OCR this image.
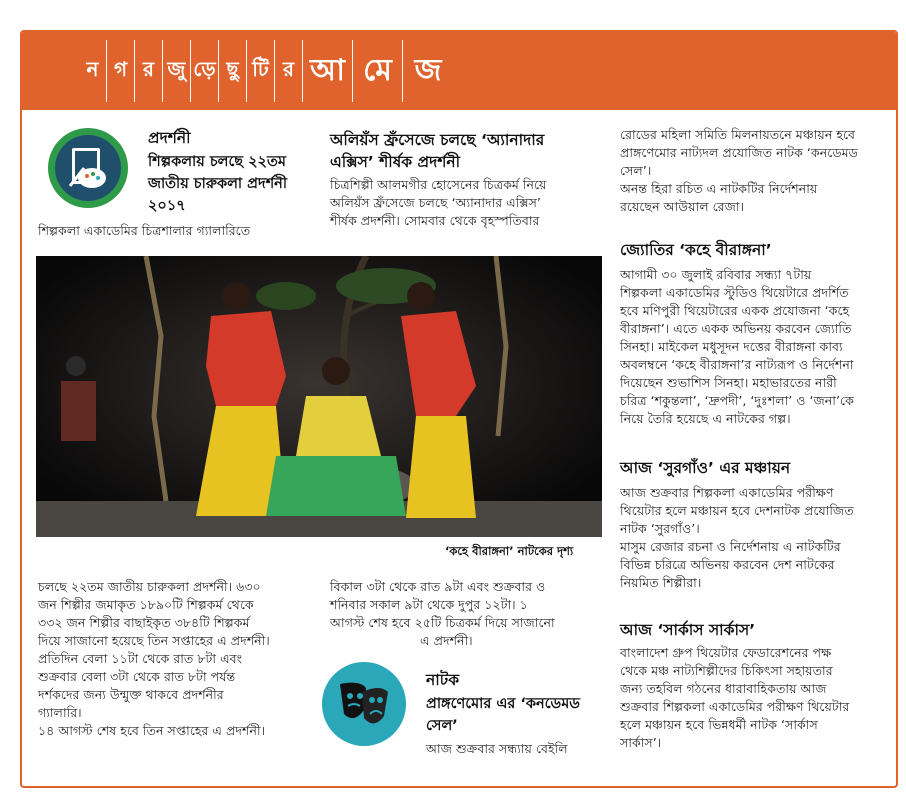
ন গ র জু ড়ে ছু টি র আ মে জ
প্রদর্শনী
শিল্পকলায় চলছে ২২তম
জাতীয় চারুকলা প্রদর্শনী
২০১৭
শিল্পকলা একাডেমির চিত্রশালার গ্যালারিতে
অলিয়ঁস ফ্রঁসেজে চলছে ‘অ্যানাদার
এক্সিস’ শীর্ষক প্রদর্শনী
চিত্রশিল্পী আলমগীর হোসেনের চিত্রকর্ম নিয়ে
অলিয়ঁস ফ্রঁসেজে চলছে ‘অ্যানাদার এক্সিস’
শীর্ষক প্রদর্শনী। সোমবার থেকে বৃহস্পতিবার
‘কহে বীরাঙ্গনা’ নাটকের দৃশ্য
চলছে ২২তম জাতীয় চারুকলা প্রদর্শনী। ৬৩০
জন শিল্পীর জমাকৃত ১৮৯০টি শিল্পকর্ম থেকে
৩৩২ জন শিল্পীর বাছাইকৃত ৩৮৪টি শিল্পকর্ম
দিয়ে সাজানো হয়েছে তিন সপ্তাহের এ প্রদর্শনী।
প্রতিদিন বেলা ১১টা থেকে রাত ৮টা এবং
শুক্রবার বেলা ৩টা থেকে রাত ৮টা পর্যন্ত
দর্শকদের জন্য উন্মুক্ত থাকবে প্রদর্শনীর
গ্যালারি।
১৪ আগস্ট শেষ হবে তিন সপ্তাহের এ প্রদর্শনী।
বিকাল ৩টা থেকে রাত ৯টা এবং শুক্রবার ও
শনিবার সকাল ৯টা থেকে দুপুর ১২টা। ১
আগস্ট শেষ হবে ২৫টি চিত্রকর্ম দিয়ে সাজানো
এ প্রদর্শনী।
নাটক
প্রাঙ্গণেমোর এর ‘কনডেমড
সেল’
আজ শুক্রবার সন্ধ্যায় বেইলি
রোডের মহিলা সমিতি মিলনায়তনে মঞ্চায়ন হবে
প্রাঙ্গণেমোর নাট্যদল প্রযোজিত নাটক ‘কনডেমড
সেল’।
অনন্ত হিরা রচিত এ নাটকটির নির্দেশনায়
রয়েছেন আউয়াল রেজা।
জ্যোতির ‘কহে বীরাঙ্গনা’
আগামী ৩০ জুলাই রবিবার সন্ধ্যা ৭টায়
শিল্পকলা একাডেমির স্টুডিও থিয়েটারে প্রদর্শিত
হবে মণিপুরী থিয়েটারের একক প্রযোজনা ‘কহে
বীরাঙ্গনা’। এতে একক অভিনয় করবেন জ্যোতি
সিনহা। মাইকেল মধুসূদন দত্তের বীরাঙ্গনা কাব্য
অবলম্বনে ‘কহে বীরাঙ্গনা’র নাট্যরূপ ও নির্দেশনা
দিয়েছেন শুভাশিস সিনহা। মহাভারতের নারী
চরিত্র ‘শকুন্তলা’, ‘দ্রুপদী’, ‘দুঃশলা’ ও ‘জনা’কে
নিয়ে তৈরি হয়েছে এ নাটকের গল্প।
আজ ‘সুরগাঁও’ এর মঞ্চায়ন
আজ শুক্রবার শিল্পকলা একাডেমির পরীক্ষণ
থিয়েটার হলে মঞ্চায়ন হবে দেশনাটক প্রযোজিত
নাটক ‘সুরগাঁও’।
মাসুম রেজার রচনা ও নির্দেশনায় এ নাটকটির
বিভিন্ন চরিত্রে অভিনয় করবেন দেশ নাটকের
নিয়মিত শিল্পীরা।
আজ ‘সার্কাস সার্কাস’
বাংলাদেশ গ্রুপ থিয়েটার ফেডারেশনের পক্ষ
থেকে মঞ্চ নাট্যশিল্পীদের চিকিৎসা সহায়তার
জন্য তহবিল গঠনের ধারাবাহিকতায় আজ
শুক্রবার শিল্পকলা একাডেমির পরীক্ষণ থিয়েটার
হলে মঞ্চায়ন হবে ভিন্নধর্মী নাটক ‘সার্কাস
সার্কাস’।
